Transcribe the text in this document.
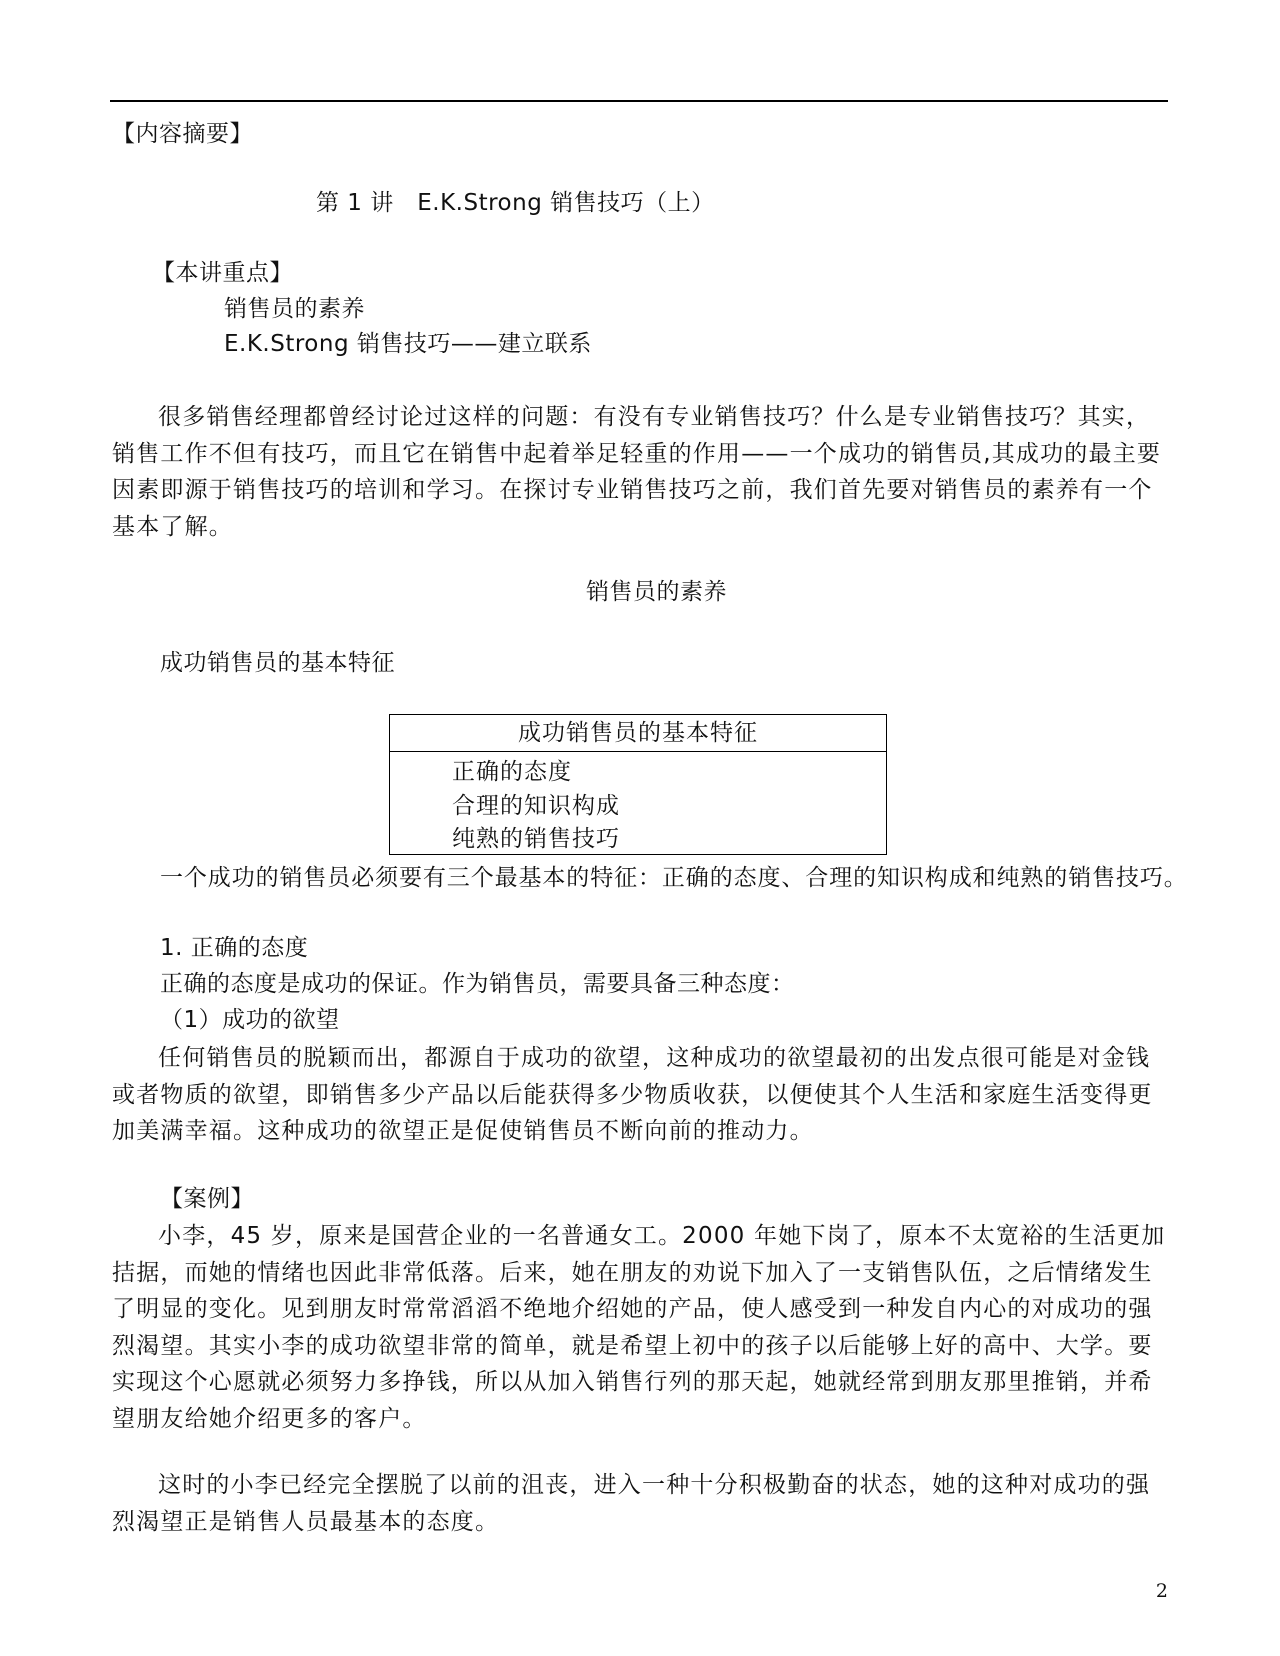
【内容摘要】
第 1 讲　E.K.Strong 销售技巧（上）
【本讲重点】
销售员的素养
E.K.Strong 销售技巧——建立联系
很多销售经理都曾经讨论过这样的问题：有没有专业销售技巧？什么是专业销售技巧？其实，销售工作不但有技巧，而且它在销售中起着举足轻重的作用——一个成功的销售员,其成功的最主要因素即源于销售技巧的培训和学习。在探讨专业销售技巧之前，我们首先要对销售员的素养有一个基本了解。
销售员的素养
成功销售员的基本特征
成功销售员的基本特征
正确的态度
合理的知识构成
纯熟的销售技巧
一个成功的销售员必须要有三个最基本的特征：正确的态度、合理的知识构成和纯熟的销售技巧。
1. 正确的态度
正确的态度是成功的保证。作为销售员，需要具备三种态度：
（1）成功的欲望
任何销售员的脱颖而出，都源自于成功的欲望，这种成功的欲望最初的出发点很可能是对金钱或者物质的欲望，即销售多少产品以后能获得多少物质收获，以便使其个人生活和家庭生活变得更加美满幸福。这种成功的欲望正是促使销售员不断向前的推动力。
【案例】
小李，45 岁，原来是国营企业的一名普通女工。2000 年她下岗了，原本不太宽裕的生活更加拮据，而她的情绪也因此非常低落。后来，她在朋友的劝说下加入了一支销售队伍，之后情绪发生了明显的变化。见到朋友时常常滔滔不绝地介绍她的产品，使人感受到一种发自内心的对成功的强烈渴望。其实小李的成功欲望非常的简单，就是希望上初中的孩子以后能够上好的高中、大学。要实现这个心愿就必须努力多挣钱，所以从加入销售行列的那天起，她就经常到朋友那里推销，并希望朋友给她介绍更多的客户。
这时的小李已经完全摆脱了以前的沮丧，进入一种十分积极勤奋的状态，她的这种对成功的强烈渴望正是销售人员最基本的态度。
2
